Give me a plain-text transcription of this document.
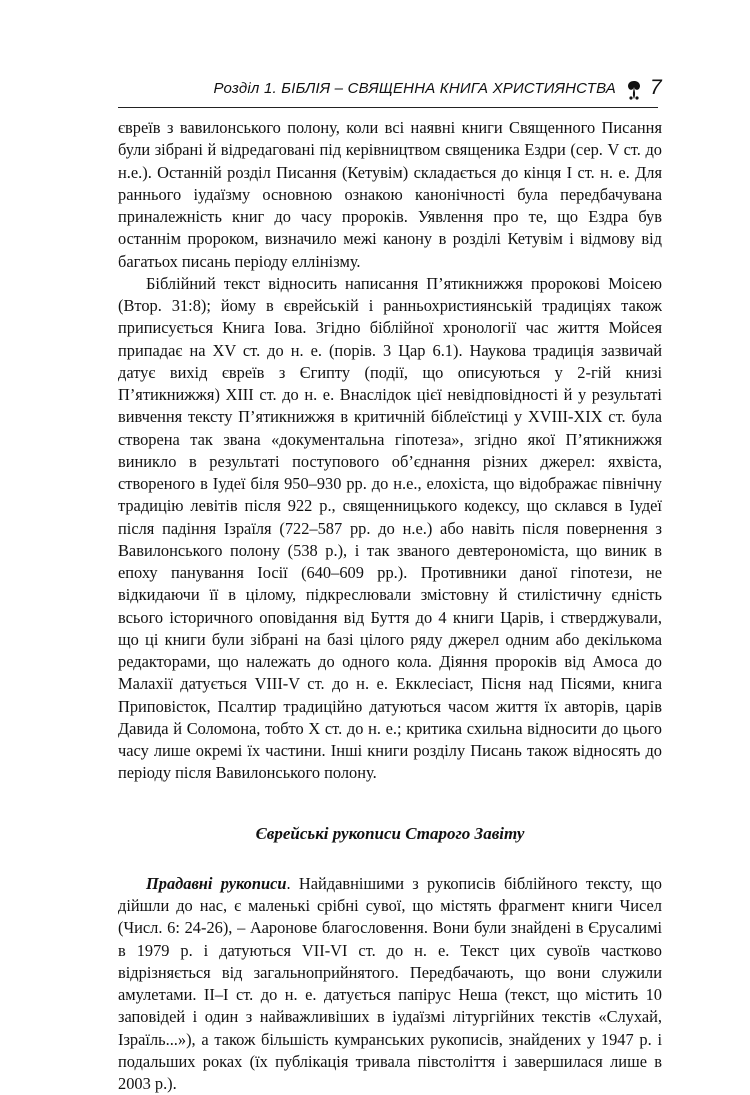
Розділ 1. БІБЛІЯ – СВЯЩЕННА КНИГА ХРИСТИЯНСТВА 7

євреїв з вавилонського полону, коли всі наявні книги Священного Писання були зібрані й відредаговані під керівництвом священика Ездри (сер. V ст. до н.е.). Останній розділ Писання (Кетувім) складається до кінця I ст. н. е. Для раннього іудаїзму основною ознакою канонічності була передбачувана приналежність книг до часу пророків. Уявлення про те, що Ездра був останнім пророком, визначило межі канону в розділі Кетувім і відмову від багатьох писань періоду еллінізму.

Біблійний текст відносить написання П’ятикнижжя пророкові Моісею (Втор. 31:8); йому в єврейській і ранньохристиянській традиціях також приписується Книга Іова. Згідно біблійної хронології час життя Мойсея припадає на XV ст. до н. е. (порів. 3 Цар 6.1). Наукова традиція зазвичай датує вихід євреїв з Єгипту (події, що описуються у 2-гій книзі П’ятикнижжя) XIII ст. до н. е. Внаслідок цієї невідповідності й у результаті вивчення тексту П’ятикнижжя в критичній біблеїстиці у XVIII-XIX ст. була створена так звана «документальна гіпотеза», згідно якої П’ятикнижжя виникло в результаті поступового об’єднання різних джерел: яхвіста, створеного в Іудеї біля 950–930 рр. до н.е., елохіста, що відображає північну традицію левітів після 922 р., священницького кодексу, що склався в Іудеї після падіння Ізраїля (722–587 рр. до н.е.) або навіть після повернення з Вавилонського полону (538 р.), і так званого девтерономіста, що виник в епоху панування Іосії (640–609 рр.). Противники даної гіпотези, не відкидаючи її в цілому, підкреслювали змістовну й стилістичну єдність всього історичного оповідання від Буття до 4 книги Царів, і стверджували, що ці книги були зібрані на базі цілого ряду джерел одним або декількома редакторами, що належать до одного кола. Діяння пророків від Амоса до Малахії датується VIII-V ст. до н. е. Екклесіаст, Пісня над Пісями, книга Приповісток, Псалтир традиційно датуються часом життя їх авторів, царів Давида й Соломона, тобто X ст. до н. е.; критика схильна відносити до цього часу лише окремі їх частини. Інші книги розділу Писань також відносять до періоду після Вавилонського полону.

Єврейські рукописи Старого Завіту

Прадавні рукописи. Найдавнішими з рукописів біблійного тексту, що дійшли до нас, є маленькі срібні сувої, що містять фрагмент книги Чисел (Числ. 6: 24-26), – Ааронове благословення. Вони були знайдені в Єрусалимі в 1979 р. і датуються VII-VI ст. до н. е. Текст цих сувоїв частково відрізняється від загальноприйнятого. Передбачають, що вони служили амулетами. II–I ст. до н. е. датується папірус Неша (текст, що містить 10 заповідей і один з найважливіших в іудаїзмі літургійних текстів «Слухай, Ізраїль...»), а також більшість кумранських рукописів, знайдених у 1947 р. і подальших роках (їх публікація тривала півстоліття і завершилася лише в 2003 р.).
